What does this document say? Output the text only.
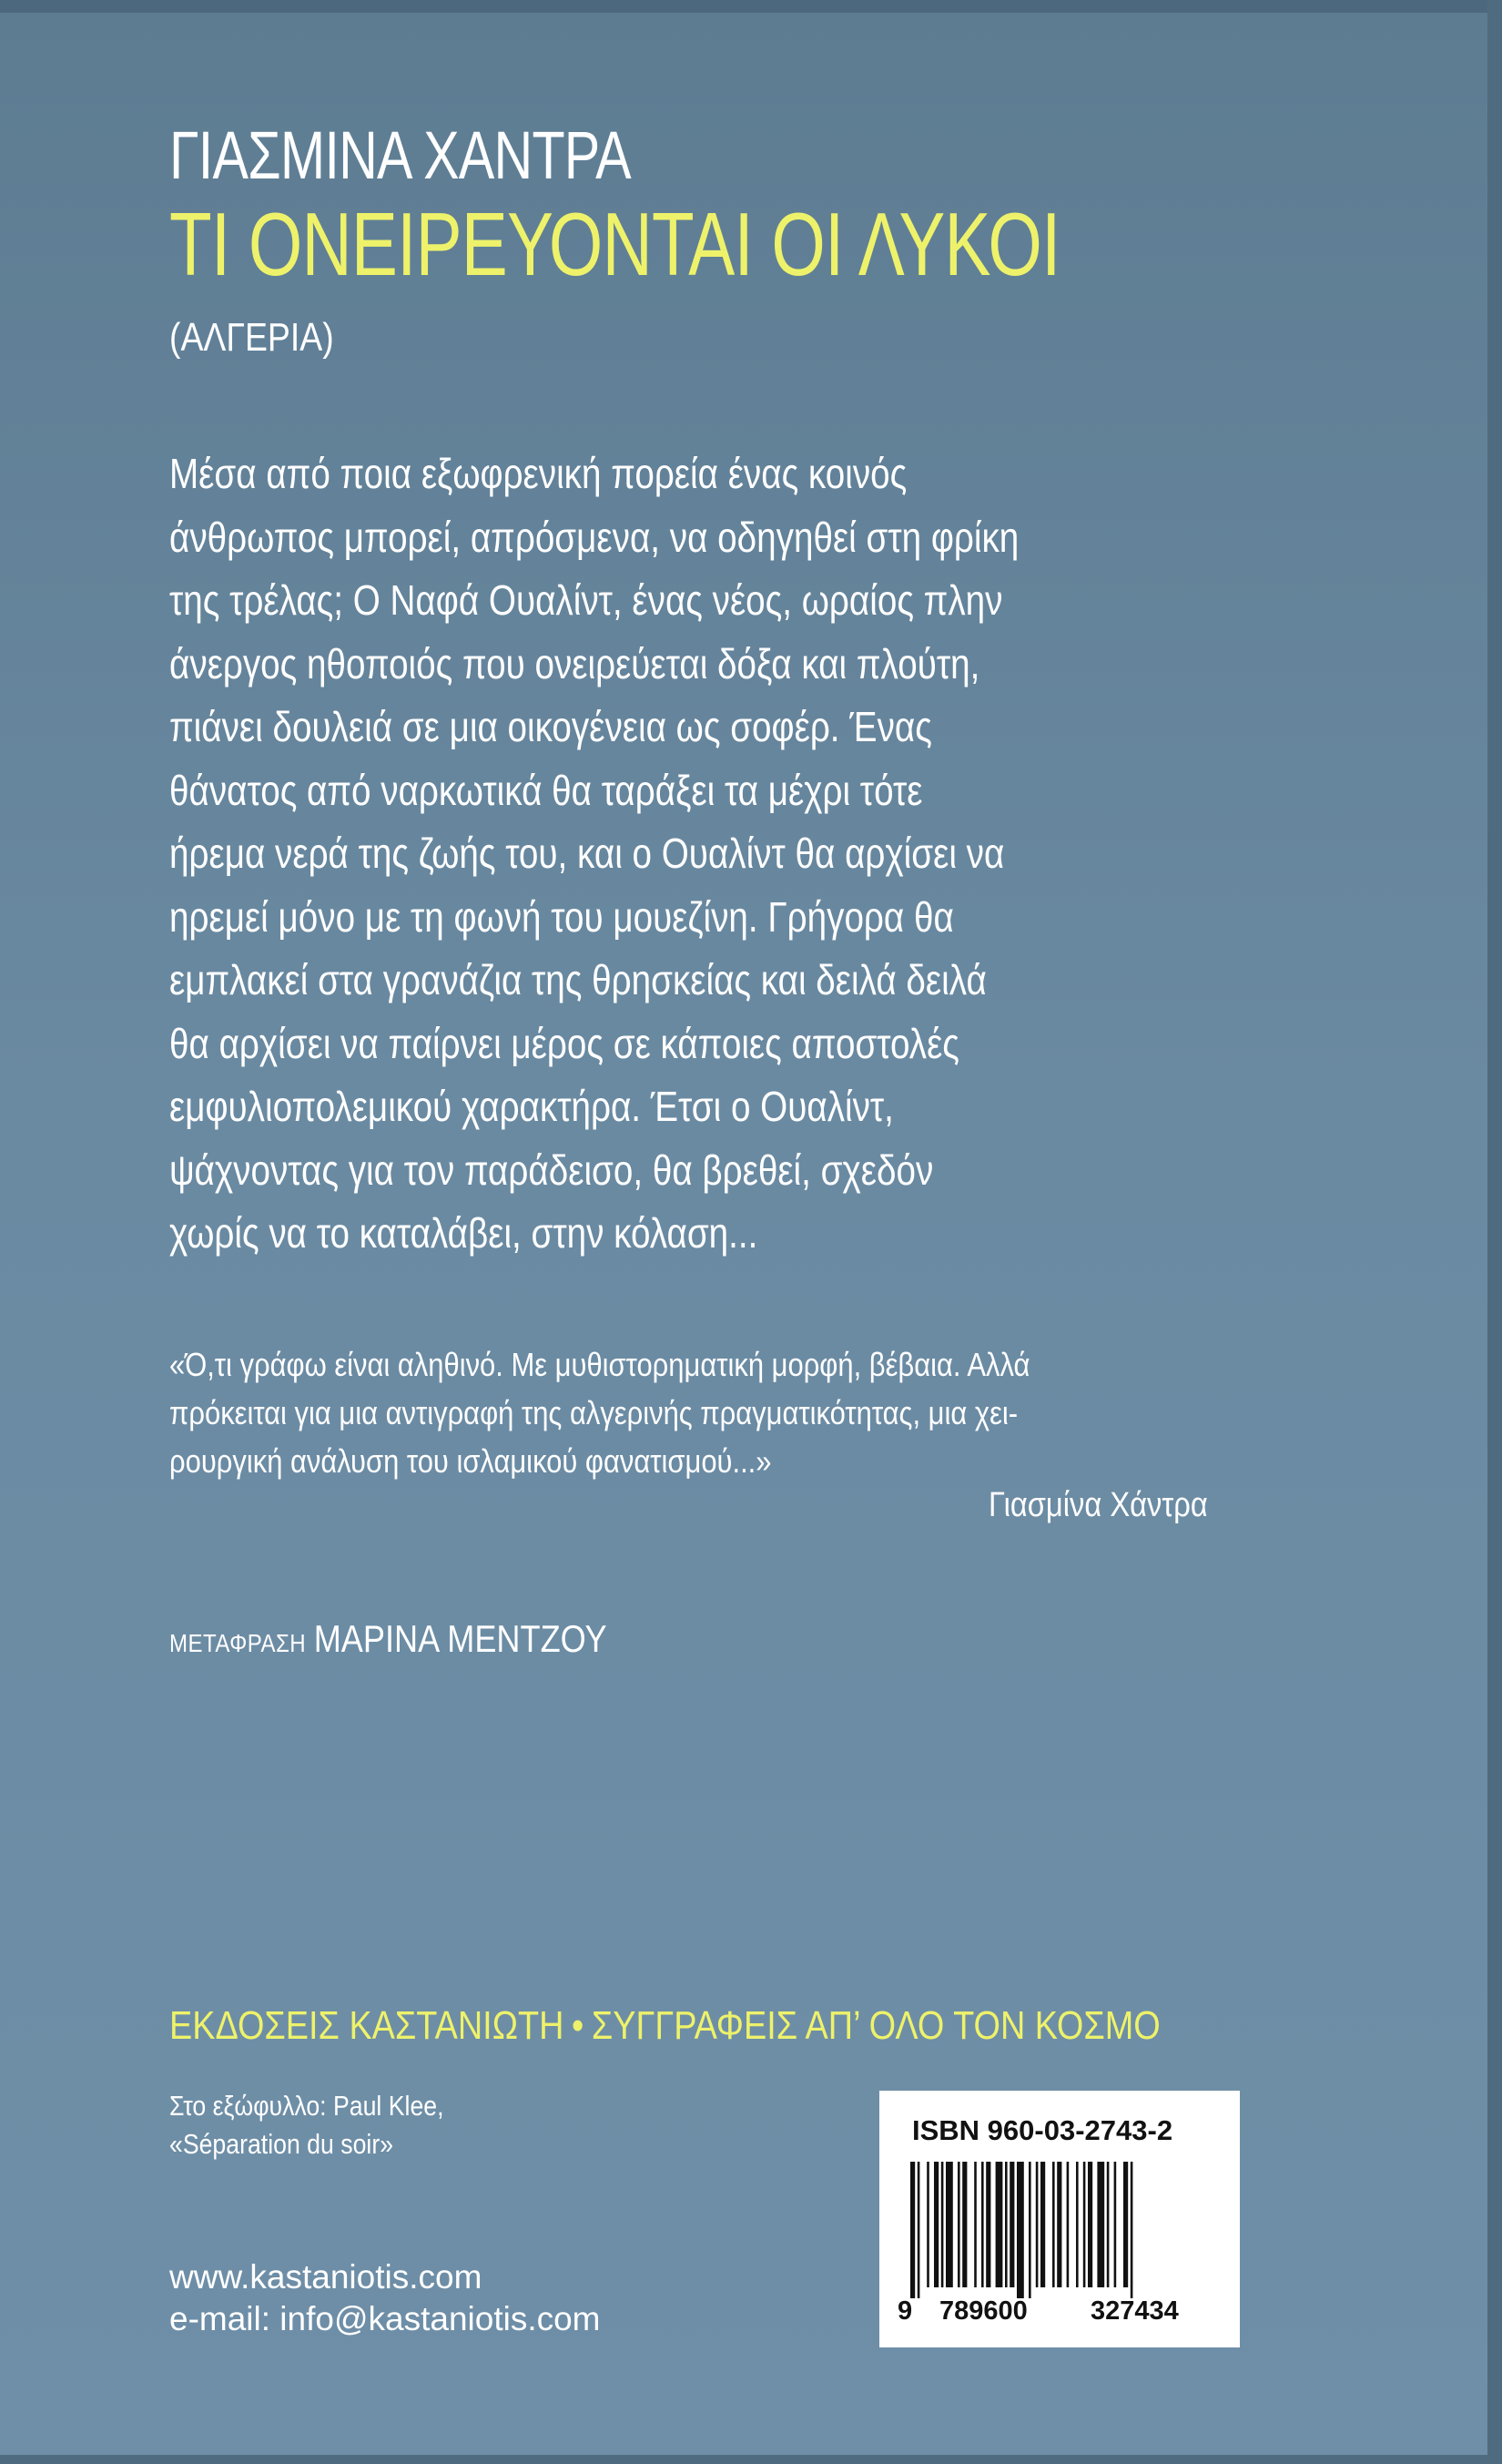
ΓΙΑΣΜΙΝΑ ΧΑΝΤΡΑ
ΤΙ ΟΝΕΙΡΕΥΟΝΤΑΙ ΟΙ ΛΥΚΟΙ
(ΑΛΓΕΡΙΑ)
Μέσα από ποια εξωφρενική πορεία ένας κοινός
άνθρωπος μπορεί, απρόσμενα, να οδηγηθεί στη φρίκη
της τρέλας; Ο Ναφά Ουαλίντ, ένας νέος, ωραίος πλην
άνεργος ηθοποιός που ονειρεύεται δόξα και πλούτη,
πιάνει δουλειά σε μια οικογένεια ως σοφέρ. Ένας
θάνατος από ναρκωτικά θα ταράξει τα μέχρι τότε
ήρεμα νερά της ζωής του, και ο Ουαλίντ θα αρχίσει να
ηρεμεί μόνο με τη φωνή του μουεζίνη. Γρήγορα θα
εμπλακεί στα γρανάζια της θρησκείας και δειλά δειλά
θα αρχίσει να παίρνει μέρος σε κάποιες αποστολές
εμφυλιοπολεμικού χαρακτήρα. Έτσι ο Ουαλίντ,
ψάχνοντας για τον παράδεισο, θα βρεθεί, σχεδόν
χωρίς να το καταλάβει, στην κόλαση...
«Ό,τι γράφω είναι αληθινό. Με μυθιστορηματική μορφή, βέβαια. Αλλά
πρόκειται για μια αντιγραφή της αλγερινής πραγματικότητας, μια χει-
ρουργική ανάλυση του ισλαμικού φανατισμού...»
Γιασμίνα Χάντρα
ΜΕΤΑΦΡΑΣΗ ΜΑΡΙΝΑ ΜΕΝΤΖΟΥ
ΕΚΔΟΣΕΙΣ ΚΑΣΤΑΝΙΩΤΗ • ΣΥΓΓΡΑΦΕΙΣ ΑΠ’ ΟΛΟ ΤΟΝ ΚΟΣΜΟ
Στο εξώφυλλο: Paul Klee,
«Séparation du soir»
www.kastaniotis.com
e-mail: info@kastaniotis.com
ISBN 960-03-2743-2
9 789600 327434
